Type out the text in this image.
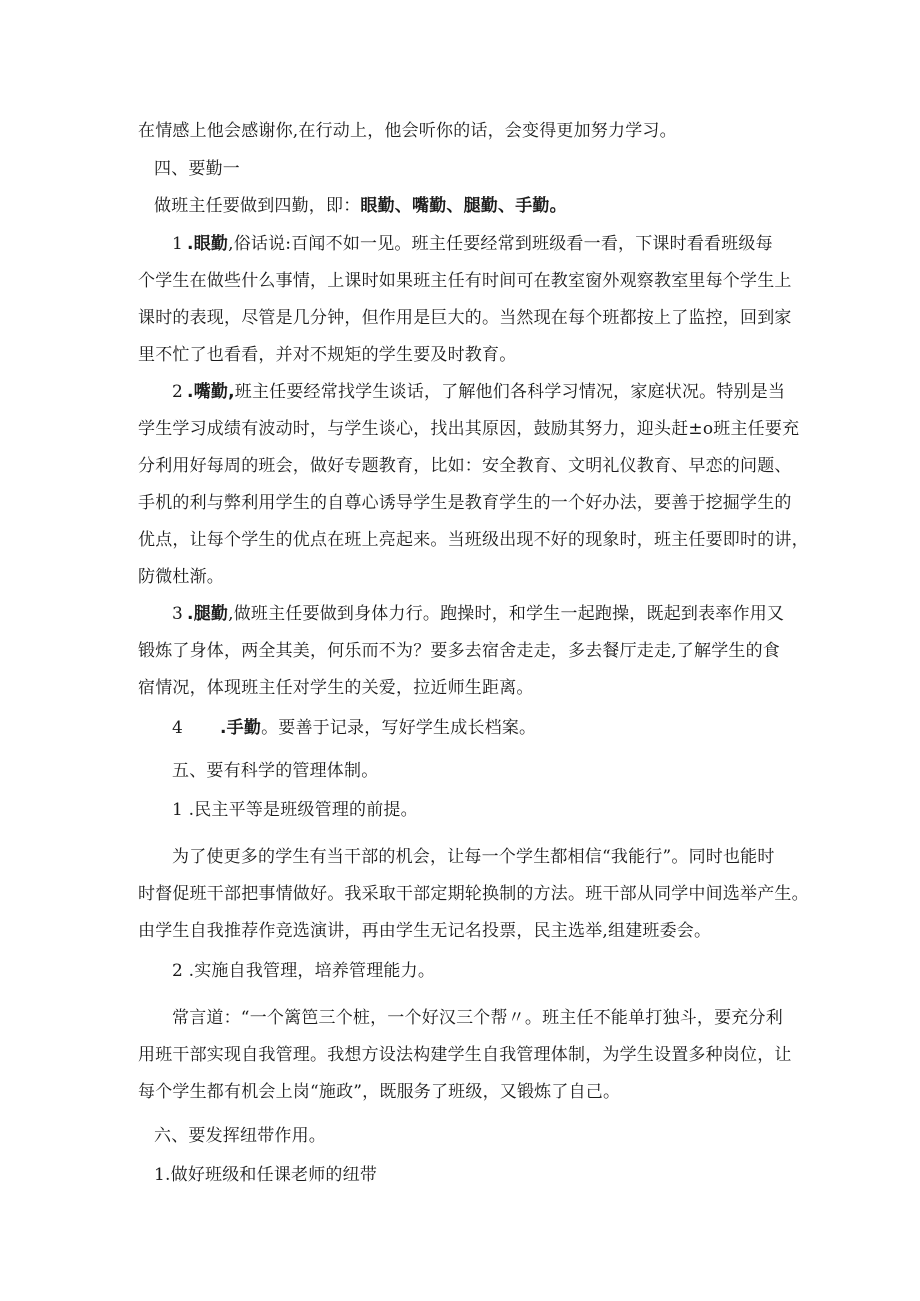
在情感上他会感谢你,在行动上，他会听你的话，会变得更加努力学习。
四、要勤一
做班主任要做到四勤，即：眼勤、嘴勤、腿勤、手勤。
1 .眼勤,俗话说:百闻不如一见。班主任要经常到班级看一看，下课时看看班级每
个学生在做些什么事情，上课时如果班主任有时间可在教室窗外观察教室里每个学生上
课时的表现，尽管是几分钟，但作用是巨大的。当然现在每个班都按上了监控，回到家
里不忙了也看看，并对不规矩的学生要及时教育。
2 .嘴勤,班主任要经常找学生谈话，了解他们各科学习情况，家庭状况。特别是当
学生学习成绩有波动时，与学生谈心，找出其原因，鼓励其努力，迎头赶±o班主任要充
分利用好每周的班会，做好专题教育，比如：安全教育、文明礼仪教育、早恋的问题、
手机的利与弊利用学生的自尊心诱导学生是教育学生的一个好办法，要善于挖掘学生的
优点，让每个学生的优点在班上亮起来。当班级出现不好的现象时，班主任要即时的讲，
防微杜渐。
3 .腿勤,做班主任要做到身体力行。跑操时，和学生一起跑操，既起到表率作用又
锻炼了身体，两全其美，何乐而不为？要多去宿舍走走，多去餐厅走走,了解学生的食
宿情况，体现班主任对学生的关爱，拉近师生距离。
4 .手勤。要善于记录，写好学生成长档案。
五、要有科学的管理体制。
1 .民主平等是班级管理的前提。
为了使更多的学生有当干部的机会，让每一个学生都相信“我能行”。同时也能时
时督促班干部把事情做好。我采取干部定期轮换制的方法。班干部从同学中间选举产生。
由学生自我推荐作竞选演讲，再由学生无记名投票，民主选举,组建班委会。
2 .实施自我管理，培养管理能力。
常言道：“一个篱笆三个桩，一个好汉三个帮〃。班主任不能单打独斗，要充分利
用班干部实现自我管理。我想方设法构建学生自我管理体制，为学生设置多种岗位，让
每个学生都有机会上岗“施政”，既服务了班级，又锻炼了自己。
六、要发挥纽带作用。
1.做好班级和任课老师的纽带
